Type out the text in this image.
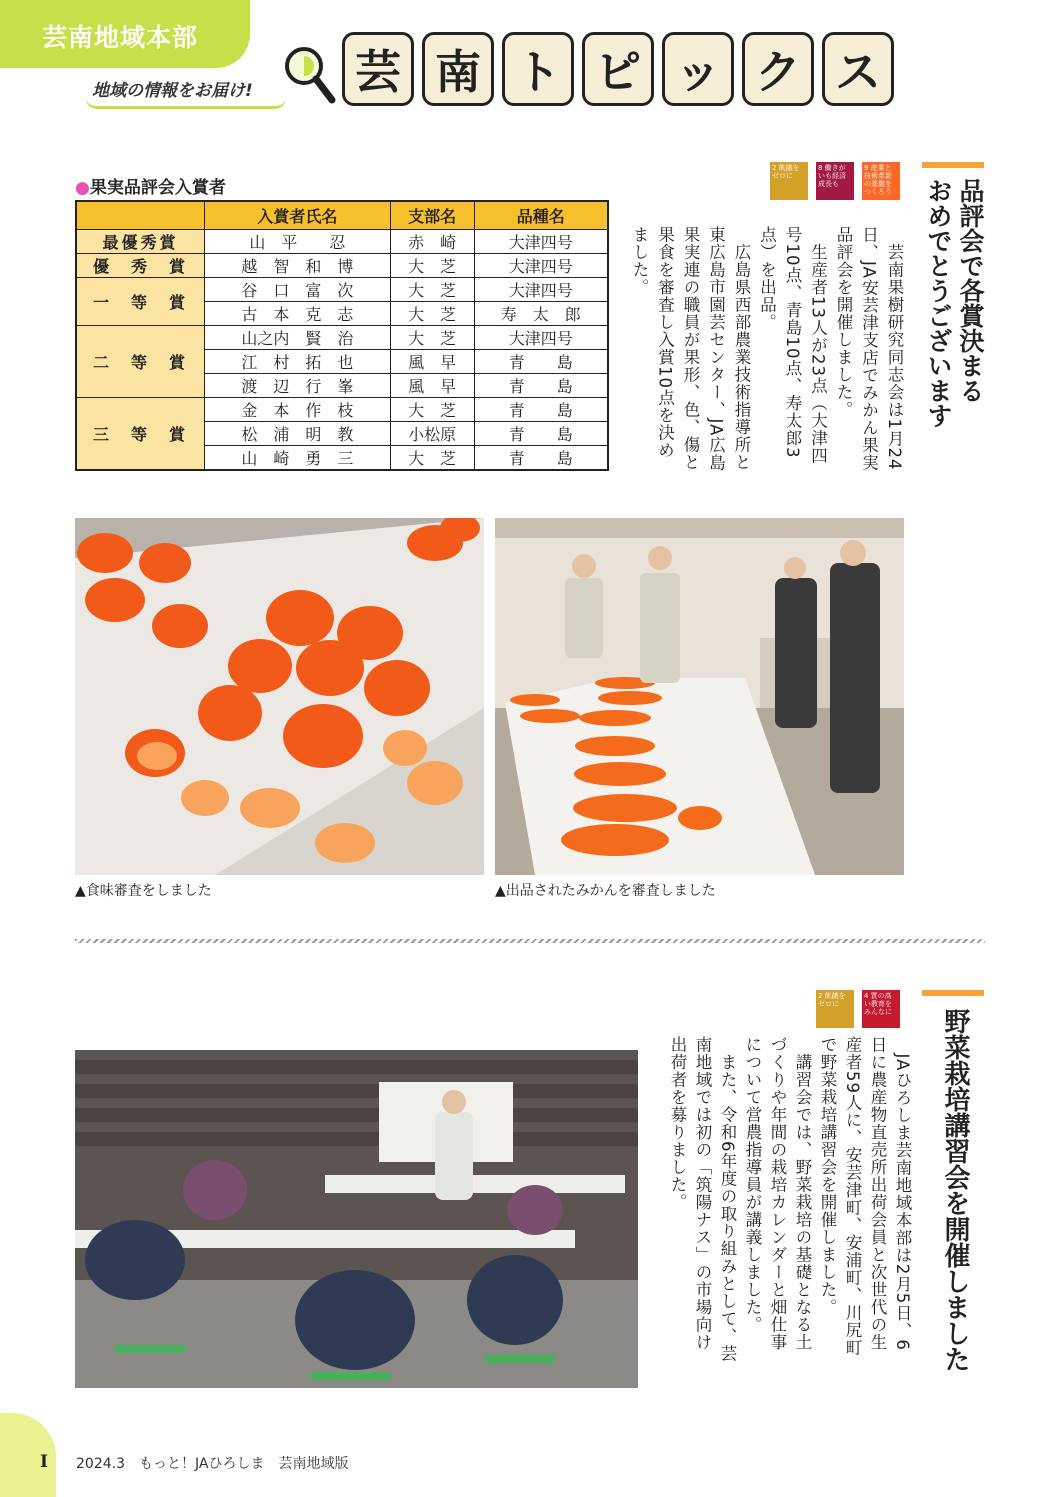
芸南地域本部
地域の情報をお届け! 芸 南 ト ピ ッ ク ス
●果実品評会入賞者
	入賞者氏名	支部名	品種名
最優秀賞	山　平　　忍	赤　崎	大津四号
優　秀　賞	越　智　和　博	大　芝	大津四号
一　等　賞	谷　口　富　次	大　芝	大津四号
	古　本　克　志	大　芝	寿　太　郎
二　等　賞	山之内　賢　治	大　芝	大津四号
	江　村　拓　也	風　早	青　　島
	渡　辺　行　峯	風　早	青　　島
三　等　賞	金　本　作　枝	大　芝	青　　島
	松　浦　明　教	小松原	青　　島
	山　崎　勇　三	大　芝	青　　島
2 飢餓をゼロに
8 働きがいも経済成長も
9 産業と技術革新の基盤をつくろう	品評会で各賞決まる
おめでとうございます
　芸南果樹研究同志会は1月24日、JA安芸津支店でみかん果実品評会を開催しました。
　生産者13人が23点（大津四号10点、青島10点、寿太郎3点）を出品。
　広島県西部農業技術指導所と東広島市園芸センター、JA広島果実連の職員が果形、色、傷と果食を審査し入賞10点を決めました。
▲食味審査をしました	▲出品されたみかんを審査しました
2 飢餓をゼロに
4 質の高い教育をみんなに	野菜栽培講習会を開催しました
　JAひろしま芸南地域本部は2月5日、6日に農産物直売所出荷会員と次世代の生産者59人に、安芸津町、安浦町、川尻町で野菜栽培講習会を開催しました。
　講習会では、野菜栽培の基礎となる土づくりや年間の栽培カレンダーと畑仕事について営農指導員が講義しました。
　また、令和6年度の取り組みとして、芸南地域では初の「筑陽ナス」の市場向け出荷者を募りました。
I 2024.3　もっと！JAひろしま　芸南地域版
